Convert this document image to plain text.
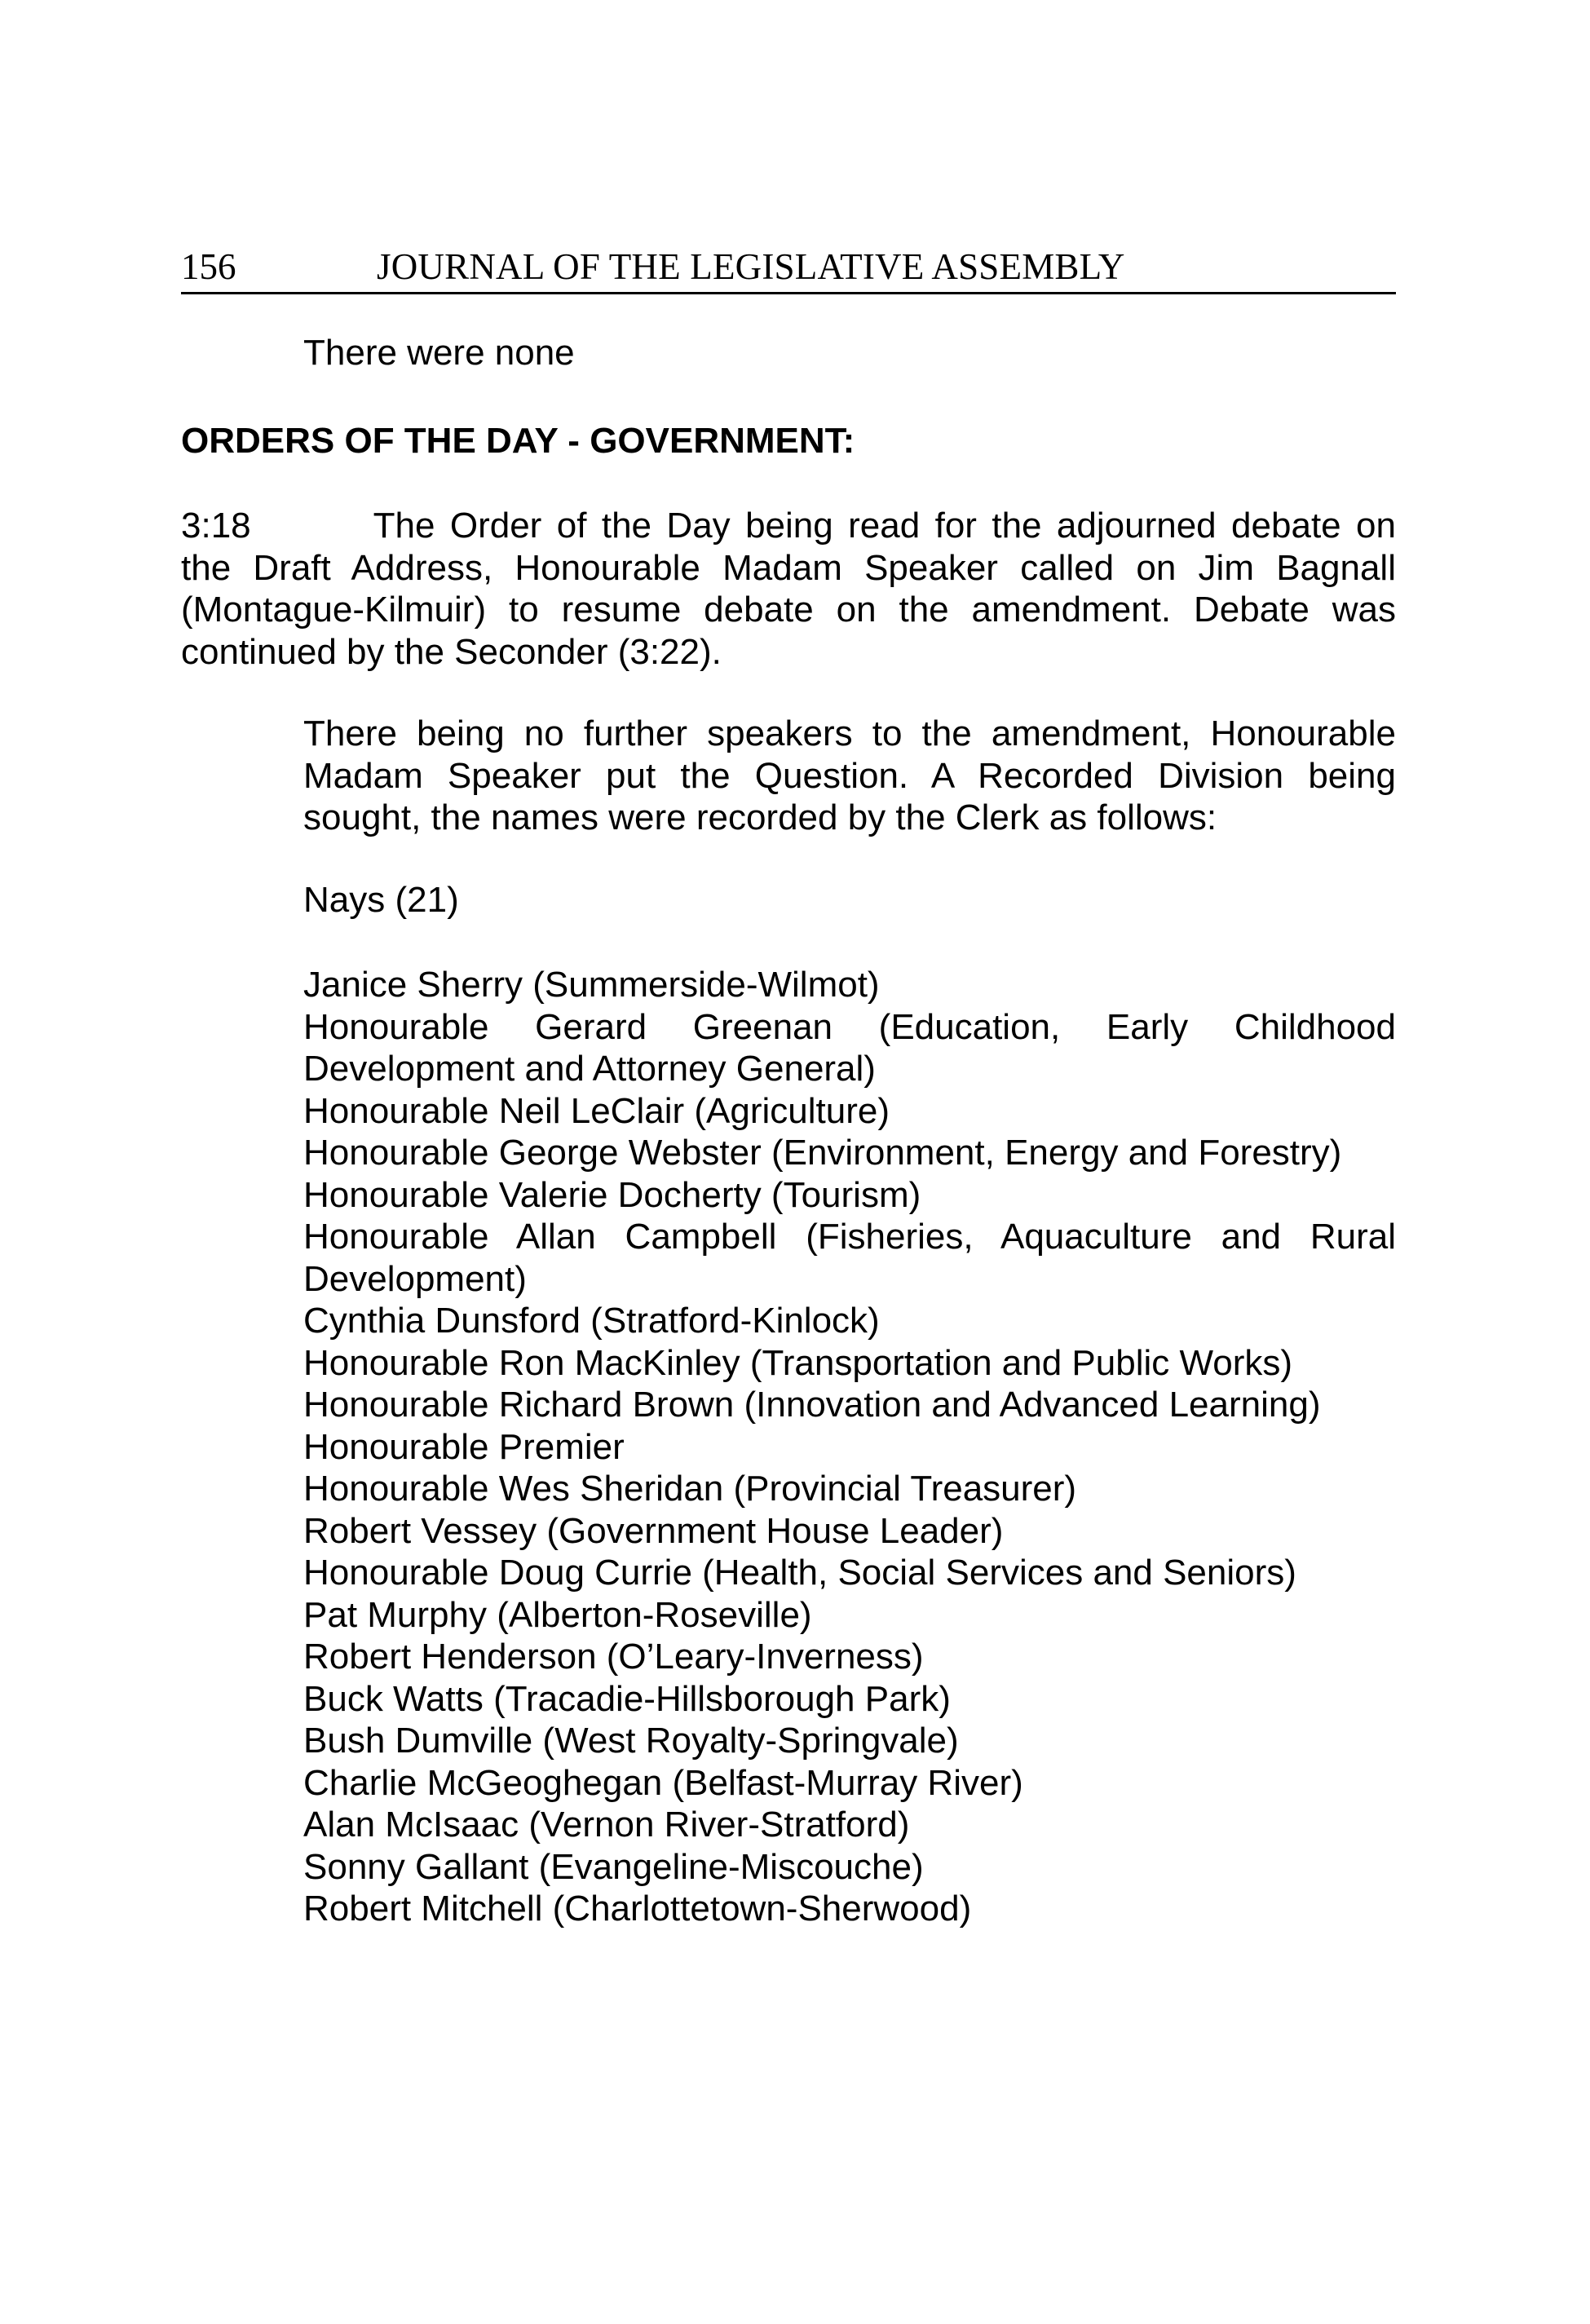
156	JOURNAL OF THE LEGISLATIVE ASSEMBLY
There were none
ORDERS OF THE DAY - GOVERNMENT:
3:18	The Order of the Day being read for the adjourned debate on the Draft Address, Honourable Madam Speaker called on Jim Bagnall (Montague-Kilmuir) to resume debate on the amendment. Debate was continued by the Seconder (3:22).
There being no further speakers to the amendment, Honourable Madam Speaker put the Question. A Recorded Division being sought, the names were recorded by the Clerk as follows:
Nays (21)
Janice Sherry (Summerside-Wilmot)
Honourable Gerard Greenan (Education, Early Childhood Development and Attorney General)
Honourable Neil LeClair (Agriculture)
Honourable George Webster (Environment, Energy and Forestry)
Honourable Valerie Docherty (Tourism)
Honourable Allan Campbell (Fisheries, Aquaculture and Rural Development)
Cynthia Dunsford (Stratford-Kinlock)
Honourable Ron MacKinley (Transportation and Public Works)
Honourable Richard Brown (Innovation and Advanced Learning)
Honourable Premier
Honourable Wes Sheridan (Provincial Treasurer)
Robert Vessey (Government House Leader)
Honourable Doug Currie (Health, Social Services and Seniors)
Pat Murphy (Alberton-Roseville)
Robert Henderson (O’Leary-Inverness)
Buck Watts (Tracadie-Hillsborough Park)
Bush Dumville (West Royalty-Springvale)
Charlie McGeoghegan (Belfast-Murray River)
Alan McIsaac (Vernon River-Stratford)
Sonny Gallant (Evangeline-Miscouche)
Robert Mitchell (Charlottetown-Sherwood)
